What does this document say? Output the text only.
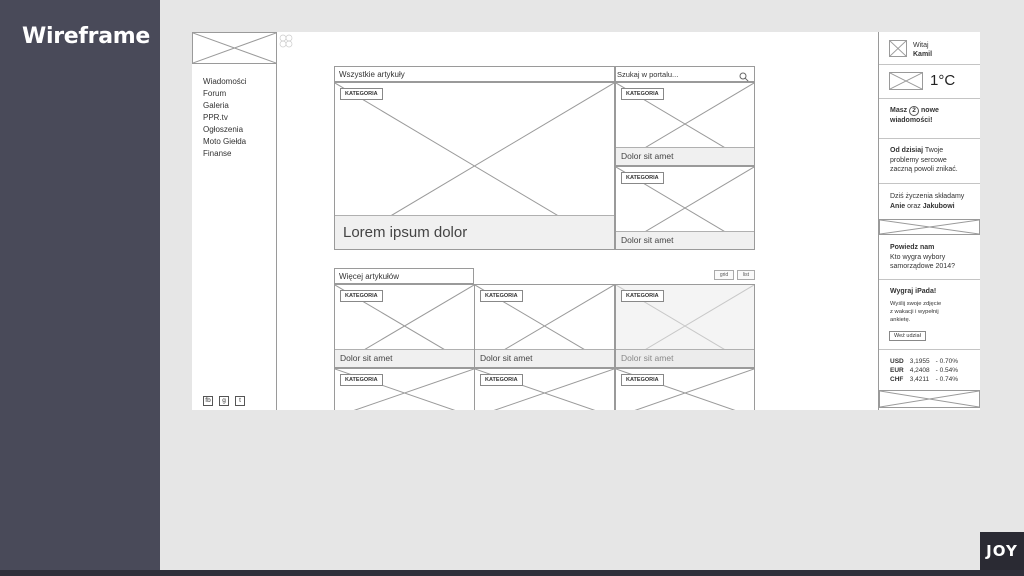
Wireframe
JOY
Wiadomości
Forum
Galeria
PPR.tv
Ogłoszenia
Moto Giełda
Finanse
fb	g	t
Wszystkie artykuły	Szukaj w portalu...
KATEGORIA
Lorem ipsum dolor
KATEGORIA
Dolor sit amet
KATEGORIA
Dolor sit amet
Więcej artykułów	grid	list
KATEGORIA
Dolor sit amet
KATEGORIA
Dolor sit amet
KATEGORIA
Dolor sit amet
KATEGORIA	KATEGORIA	KATEGORIA
Witaj
Kamil
1°C
Masz 2 nowe
wiadomości!
Od dzisiaj Twoje
problemy sercowe
zaczną powoli znikać.
Dziś życzenia składamy
Anie oraz Jakubowi
Powiedz nam
Kto wygra wybory
samorządowe 2014?
Wygraj iPada!
Wyślij swoje zdjęcie
z wakacji i wypełnij
ankietę.
Weź udział
USD	3,1955	- 0.70%
EUR	4,2408	- 0.54%
CHF	3,4211	- 0.74%
